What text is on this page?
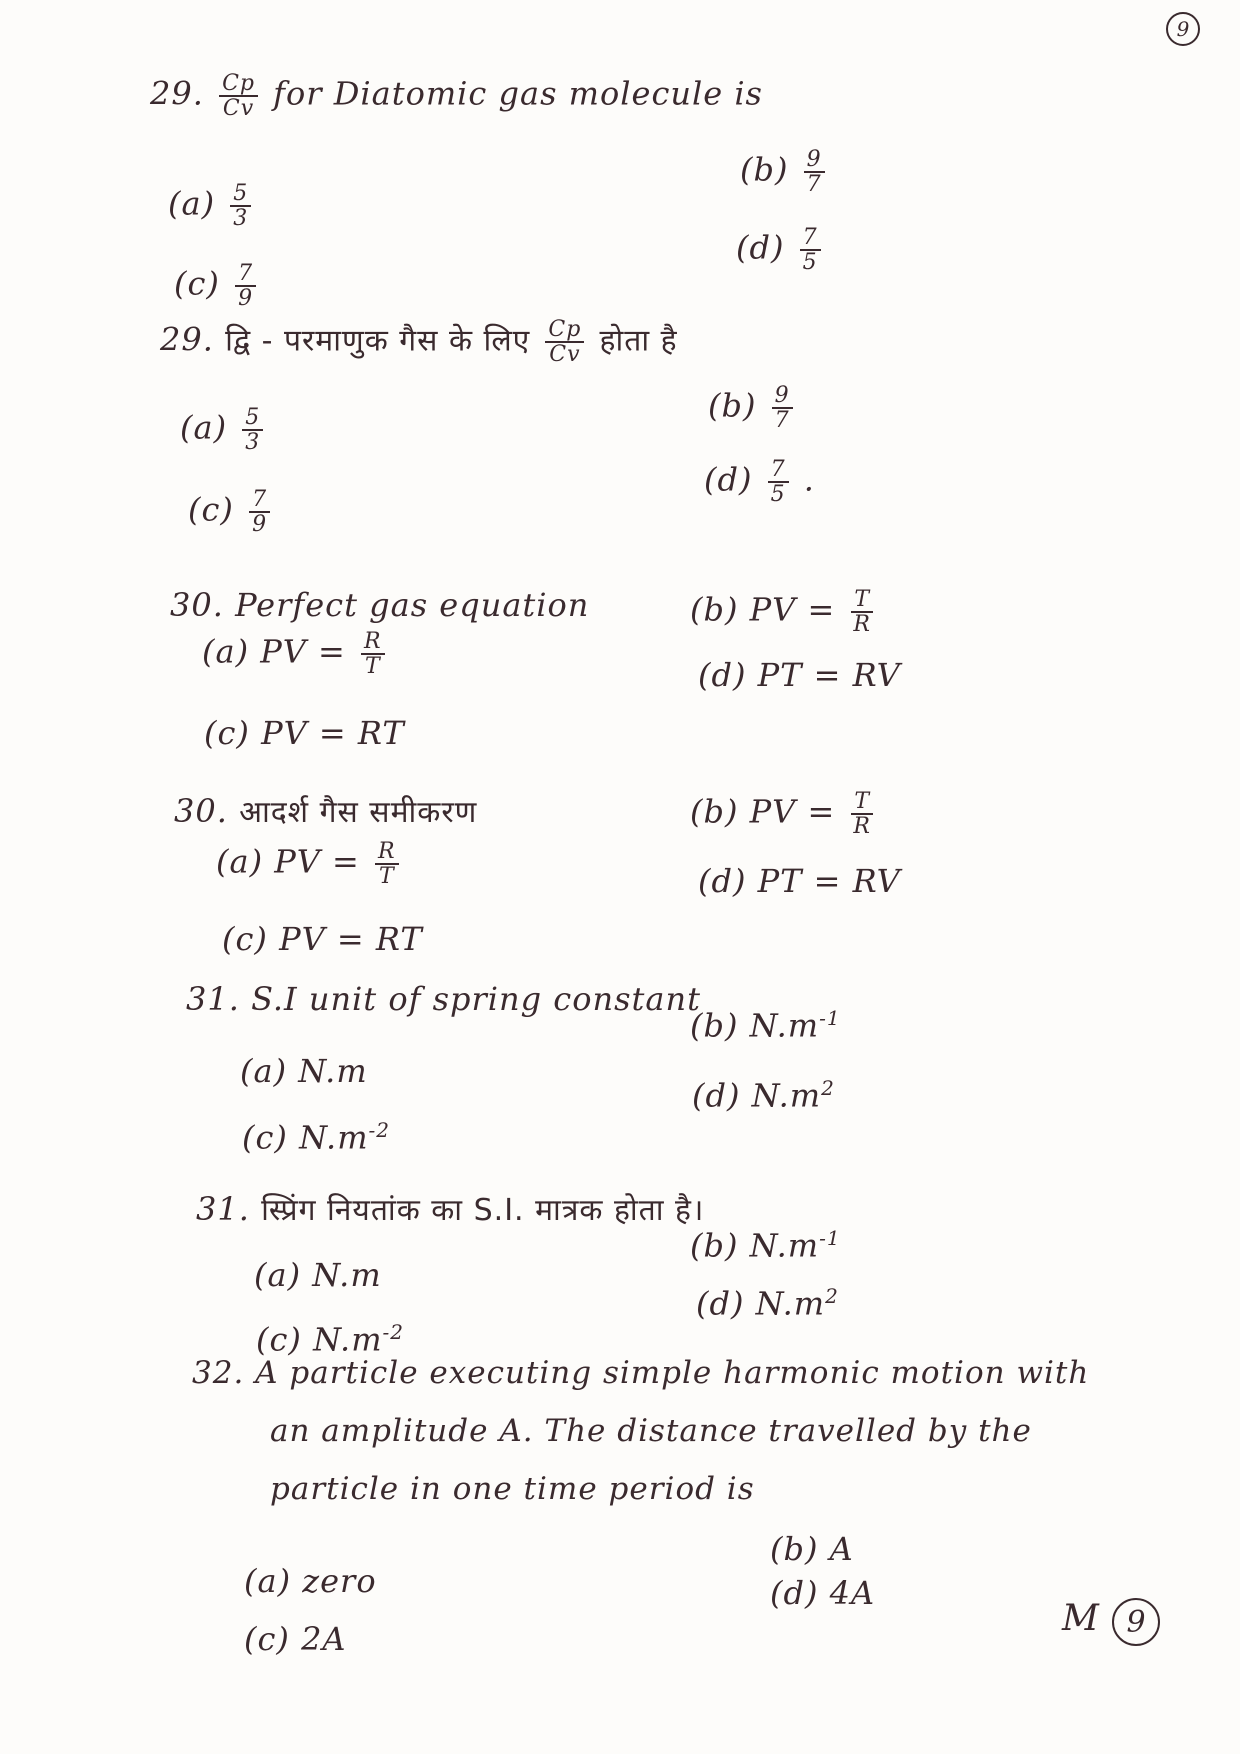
9
29. $\frac{Cp}{Cv}$ for Diatomic gas molecule is
$(b) \frac{9}{7}$
$(a) \frac{5}{3}$
$(d) \frac{7}{5}$
$(c) \frac{7}{9}$
29. द्वि - परमाणुक गैस के लिए $\frac{Cp}{Cv}$ होता है
$(a) \frac{5}{3}$
$(b) \frac{9}{7}$
$(d) \frac{7}{5}$ .
$(c) \frac{7}{9}$
30. Perfect gas equation	(b) PV = $\frac{T}{R}$
(a) PV = $\frac{R}{T}$	(d) PT = RV
(c) PV = RT
30. आदर्श गैस समीकरण	(b) PV = $\frac{T}{R}$
(a) PV = $\frac{R}{T}$	(d) PT = RV
(c) PV = RT
31. S.I unit of spring constant
(b) $N.m^{-1}$
(a) N.m
(d) $N.m^2$
(c) $N.m^{-2}$
31. स्प्रिंग नियतांक का S.I. मात्रक होता है।
(b) $N.m^{-1}$
(a) N.m
(d) $N.m^2$
(c) $N.m^{-2}$
32. A particle executing simple harmonic motion with
an amplitude A. The distance travelled by the
particle in one time period is
(b) A
(a) zero	(d) 4A
(c) 2A	M 9
